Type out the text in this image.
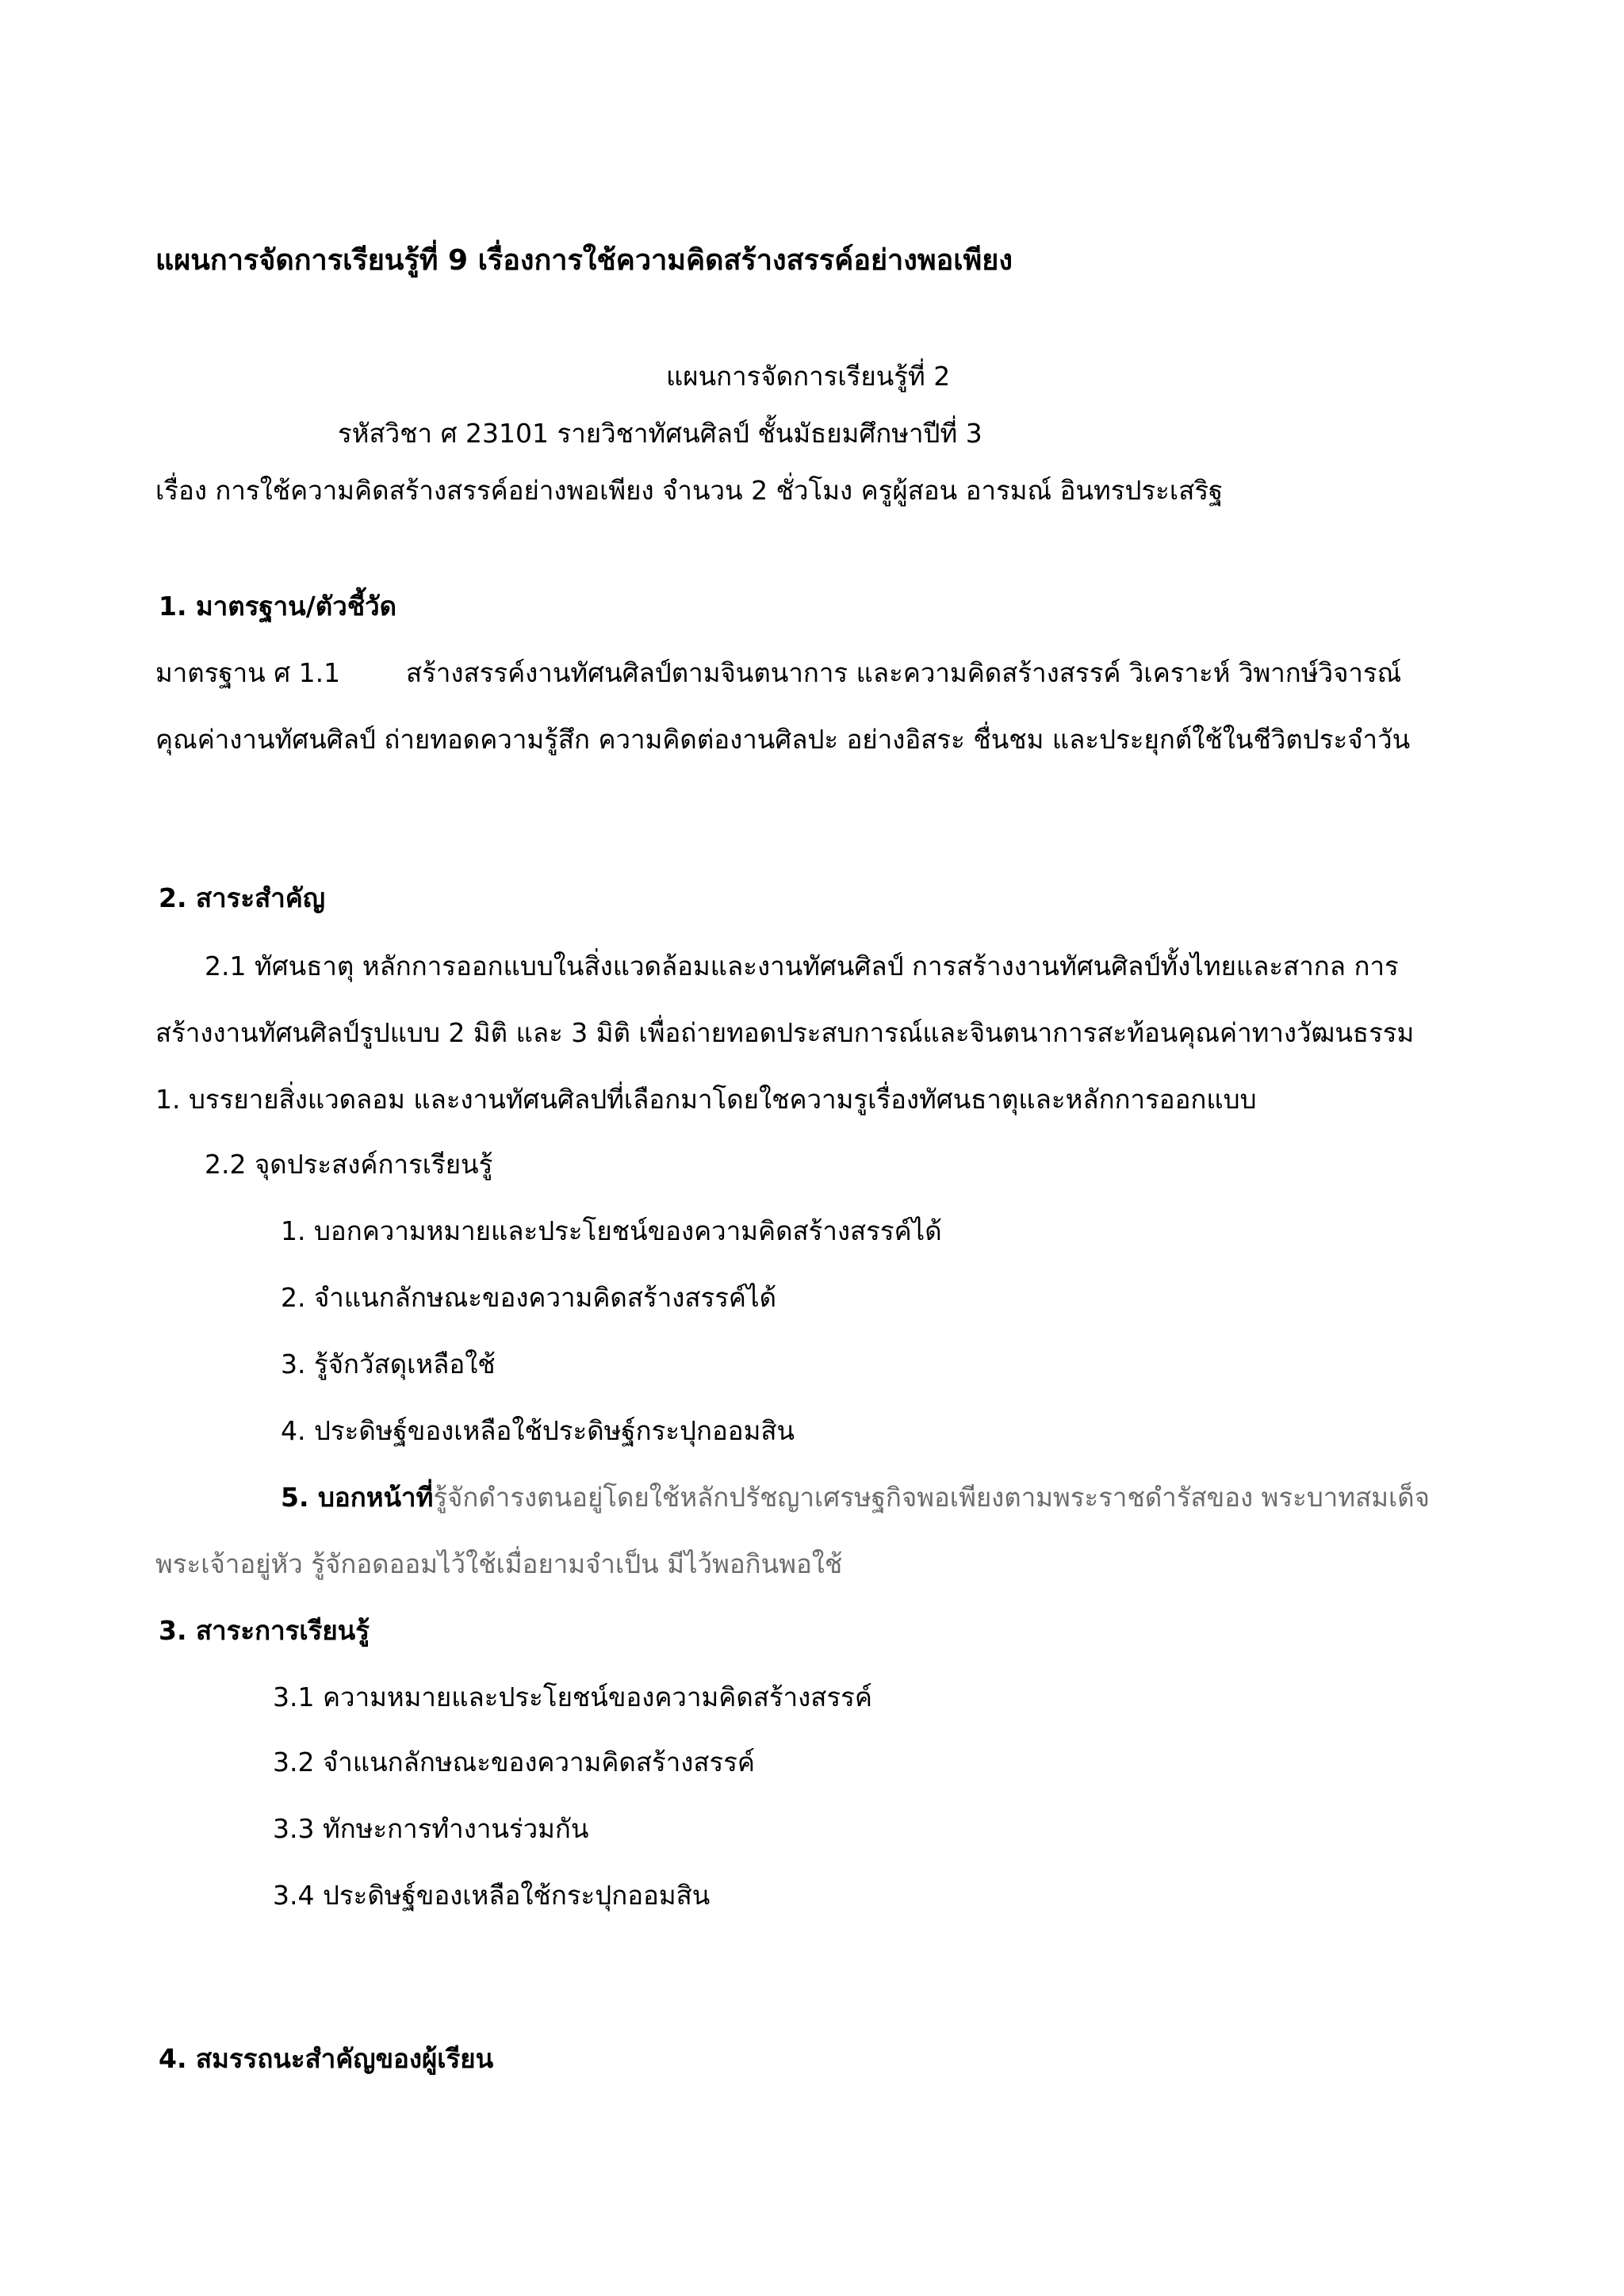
แผนการจัดการเรียนรู้ที่ 9 เรื่องการใช้ความคิดสร้างสรรค์อย่างพอเพียง
แผนการจัดการเรียนรู้ที่ 2
รหัสวิชา ศ 23101 รายวิชาทัศนศิลป์ ชั้นมัธยมศึกษาปีที่ 3
เรื่อง การใช้ความคิดสร้างสรรค์อย่างพอเพียง จำนวน 2 ชั่วโมง ครูผู้สอน อารมณ์ อินทรประเสริฐ
1. มาตรฐาน/ตัวชี้วัด
มาตรฐาน ศ 1.1	สร้างสรรค์งานทัศนศิลป์ตามจินตนาการ และความคิดสร้างสรรค์ วิเคราะห์ วิพากษ์วิจารณ์
คุณค่างานทัศนศิลป์ ถ่ายทอดความรู้สึก ความคิดต่องานศิลปะ อย่างอิสระ ชื่นชม และประยุกต์ใช้ในชีวิตประจำวัน
2. สาระสำคัญ
2.1 ทัศนธาตุ หลักการออกแบบในสิ่งแวดล้อมและงานทัศนศิลป์ การสร้างงานทัศนศิลป์ทั้งไทยและสากล การ
สร้างงานทัศนศิลป์รูปแบบ 2 มิติ และ 3 มิติ เพื่อถ่ายทอดประสบการณ์และจินตนาการสะท้อนคุณค่าทางวัฒนธรรม
1. บรรยายสิ่งแวดลอม และงานทัศนศิลปที่เลือกมาโดยใชความรูเรื่องทัศนธาตุและหลักการออกแบบ
2.2 จุดประสงค์การเรียนรู้
1. บอกความหมายและประโยชน์ของความคิดสร้างสรรค์ได้
2. จำแนกลักษณะของความคิดสร้างสรรค์ได้
3. รู้จักวัสดุเหลือใช้
4. ประดิษฐ์ของเหลือใช้ประดิษฐ์กระปุกออมสิน
5. บอกหน้าที่รู้จักดำรงตนอยู่โดยใช้หลักปรัชญาเศรษฐกิจพอเพียงตามพระราชดำรัสของ พระบาทสมเด็จ
พระเจ้าอยู่หัว รู้จักอดออมไว้ใช้เมื่อยามจำเป็น มีไว้พอกินพอใช้
3. สาระการเรียนรู้
3.1 ความหมายและประโยชน์ของความคิดสร้างสรรค์
3.2 จำแนกลักษณะของความคิดสร้างสรรค์
3.3 ทักษะการทำงานร่วมกัน
3.4 ประดิษฐ์ของเหลือใช้กระปุกออมสิน
4. สมรรถนะสำคัญของผู้เรียน
